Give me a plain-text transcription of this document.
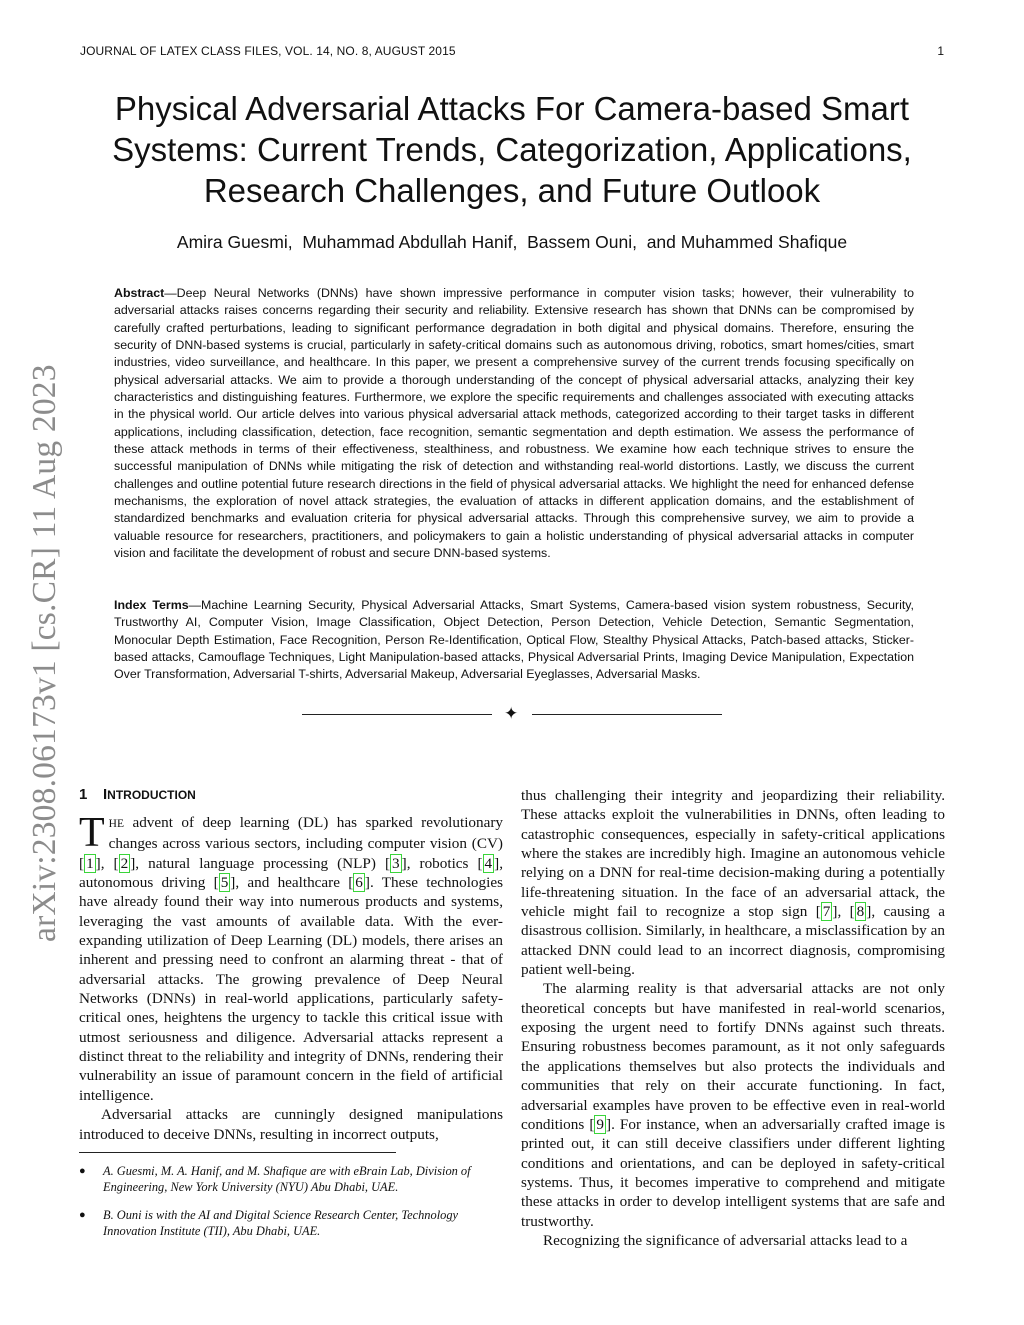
JOURNAL OF LATEX CLASS FILES, VOL. 14, NO. 8, AUGUST 2015	1
Physical Adversarial Attacks For Camera-based Smart Systems: Current Trends, Categorization, Applications, Research Challenges, and Future Outlook
Amira Guesmi ,  Muhammad Abdullah Hanif ,  Bassem Ouni ,  and Muhammed Shafique

Abstract—Deep Neural Networks (DNNs) have shown impressive performance in computer vision tasks; however, their vulnerability to adversarial attacks raises concerns regarding their security and reliability. Extensive research has shown that DNNs can be compromised by carefully crafted perturbations, leading to significant performance degradation in both digital and physical domains. Therefore, ensuring the security of DNN-based systems is crucial, particularly in safety-critical domains such as autonomous driving, robotics, smart homes/cities, smart industries, video surveillance, and healthcare. In this paper, we present a comprehensive survey of the current trends focusing specifically on physical adversarial attacks. We aim to provide a thorough understanding of the concept of physical adversarial attacks, analyzing their key characteristics and distinguishing features. Furthermore, we explore the specific requirements and challenges associated with executing attacks in the physical world. Our article delves into various physical adversarial attack methods, categorized according to their target tasks in different applications, including classification, detection, face recognition, semantic segmentation and depth estimation. We assess the performance of these attack methods in terms of their effectiveness, stealthiness, and robustness. We examine how each technique strives to ensure the successful manipulation of DNNs while mitigating the risk of detection and withstanding real-world distortions. Lastly, we discuss the current challenges and outline potential future research directions in the field of physical adversarial attacks. We highlight the need for enhanced defense mechanisms, the exploration of novel attack strategies, the evaluation of attacks in different application domains, and the establishment of standardized benchmarks and evaluation criteria for physical adversarial attacks. Through this comprehensive survey, we aim to provide a valuable resource for researchers, practitioners, and policymakers to gain a holistic understanding of physical adversarial attacks in computer vision and facilitate the development of robust and secure DNN-based systems.

Index Terms—Machine Learning Security, Physical Adversarial Attacks, Smart Systems, Camera-based vision system robustness, Security, Trustworthy AI, Computer Vision, Image Classification, Object Detection, Person Detection, Vehicle Detection, Semantic Segmentation, Monocular Depth Estimation, Face Recognition, Person Re-Identification, Optical Flow, Stealthy Physical Attacks, Patch-based attacks, Sticker-based attacks, Camouflage Techniques, Light Manipulation-based attacks, Physical Adversarial Prints, Imaging Device Manipulation, Expectation Over Transformation, Adversarial T-shirts, Adversarial Makeup, Adversarial Eyeglasses, Adversarial Masks.

✦
arXiv:2308.06173v1 [cs.CR] 11 Aug 2023 1 INTRODUCTION

THE advent of deep learning (DL) has sparked revolutionary changes across various sectors, including computer vision (CV) [ 1 ], [ 2 ], natural language processing (NLP) [ 3 ], robotics [ 4 ], autonomous driving [ 5 ], and healthcare [ 6 ]. These technologies have already found their way into numerous products and systems, leveraging the vast amounts of available data. With the ever-expanding utilization of Deep Learning (DL) models, there arises an inherent and pressing need to confront an alarming threat - that of adversarial attacks. The growing prevalence of Deep Neural Networks (DNNs) in real-world applications, particularly safety-critical ones, heightens the urgency to tackle this critical issue with utmost seriousness and diligence. Adversarial attacks represent a distinct threat to the reliability and integrity of DNNs, rendering their vulnerability an issue of paramount concern in the field of artificial intelligence.

Adversarial attacks are cunningly designed manipulations introduced to deceive DNNs, resulting in incorrect outputs,

● A. Guesmi, M. A. Hanif, and M. Shafique are with eBrain Lab, Division of Engineering, New York University (NYU) Abu Dhabi, UAE.
● B. Ouni is with the AI and Digital Science Research Center, Technology Innovation Institute (TII), Abu Dhabi, UAE.

thus challenging their integrity and jeopardizing their reliability. These attacks exploit the vulnerabilities in DNNs, often leading to catastrophic consequences, especially in safety-critical applications where the stakes are incredibly high. Imagine an autonomous vehicle relying on a DNN for real-time decision-making during a potentially life-threatening situation. In the face of an adversarial attack, the vehicle might fail to recognize a stop sign [ 7 ], [ 8 ], causing a disastrous collision. Similarly, in healthcare, a misclassification by an attacked DNN could lead to an incorrect diagnosis, compromising patient well-being.

The alarming reality is that adversarial attacks are not only theoretical concepts but have manifested in real-world scenarios, exposing the urgent need to fortify DNNs against such threats. Ensuring robustness becomes paramount, as it not only safeguards the applications themselves but also protects the individuals and communities that rely on their accurate functioning. In fact, adversarial examples have proven to be effective even in real-world conditions [ 9 ]. For instance, when an adversarially crafted image is printed out, it can still deceive classifiers under different lighting conditions and orientations, and can be deployed in safety-critical systems. Thus, it becomes imperative to comprehend and mitigate these attacks in order to develop intelligent systems that are safe and trustworthy.

Recognizing the significance of adversarial attacks lead to a
